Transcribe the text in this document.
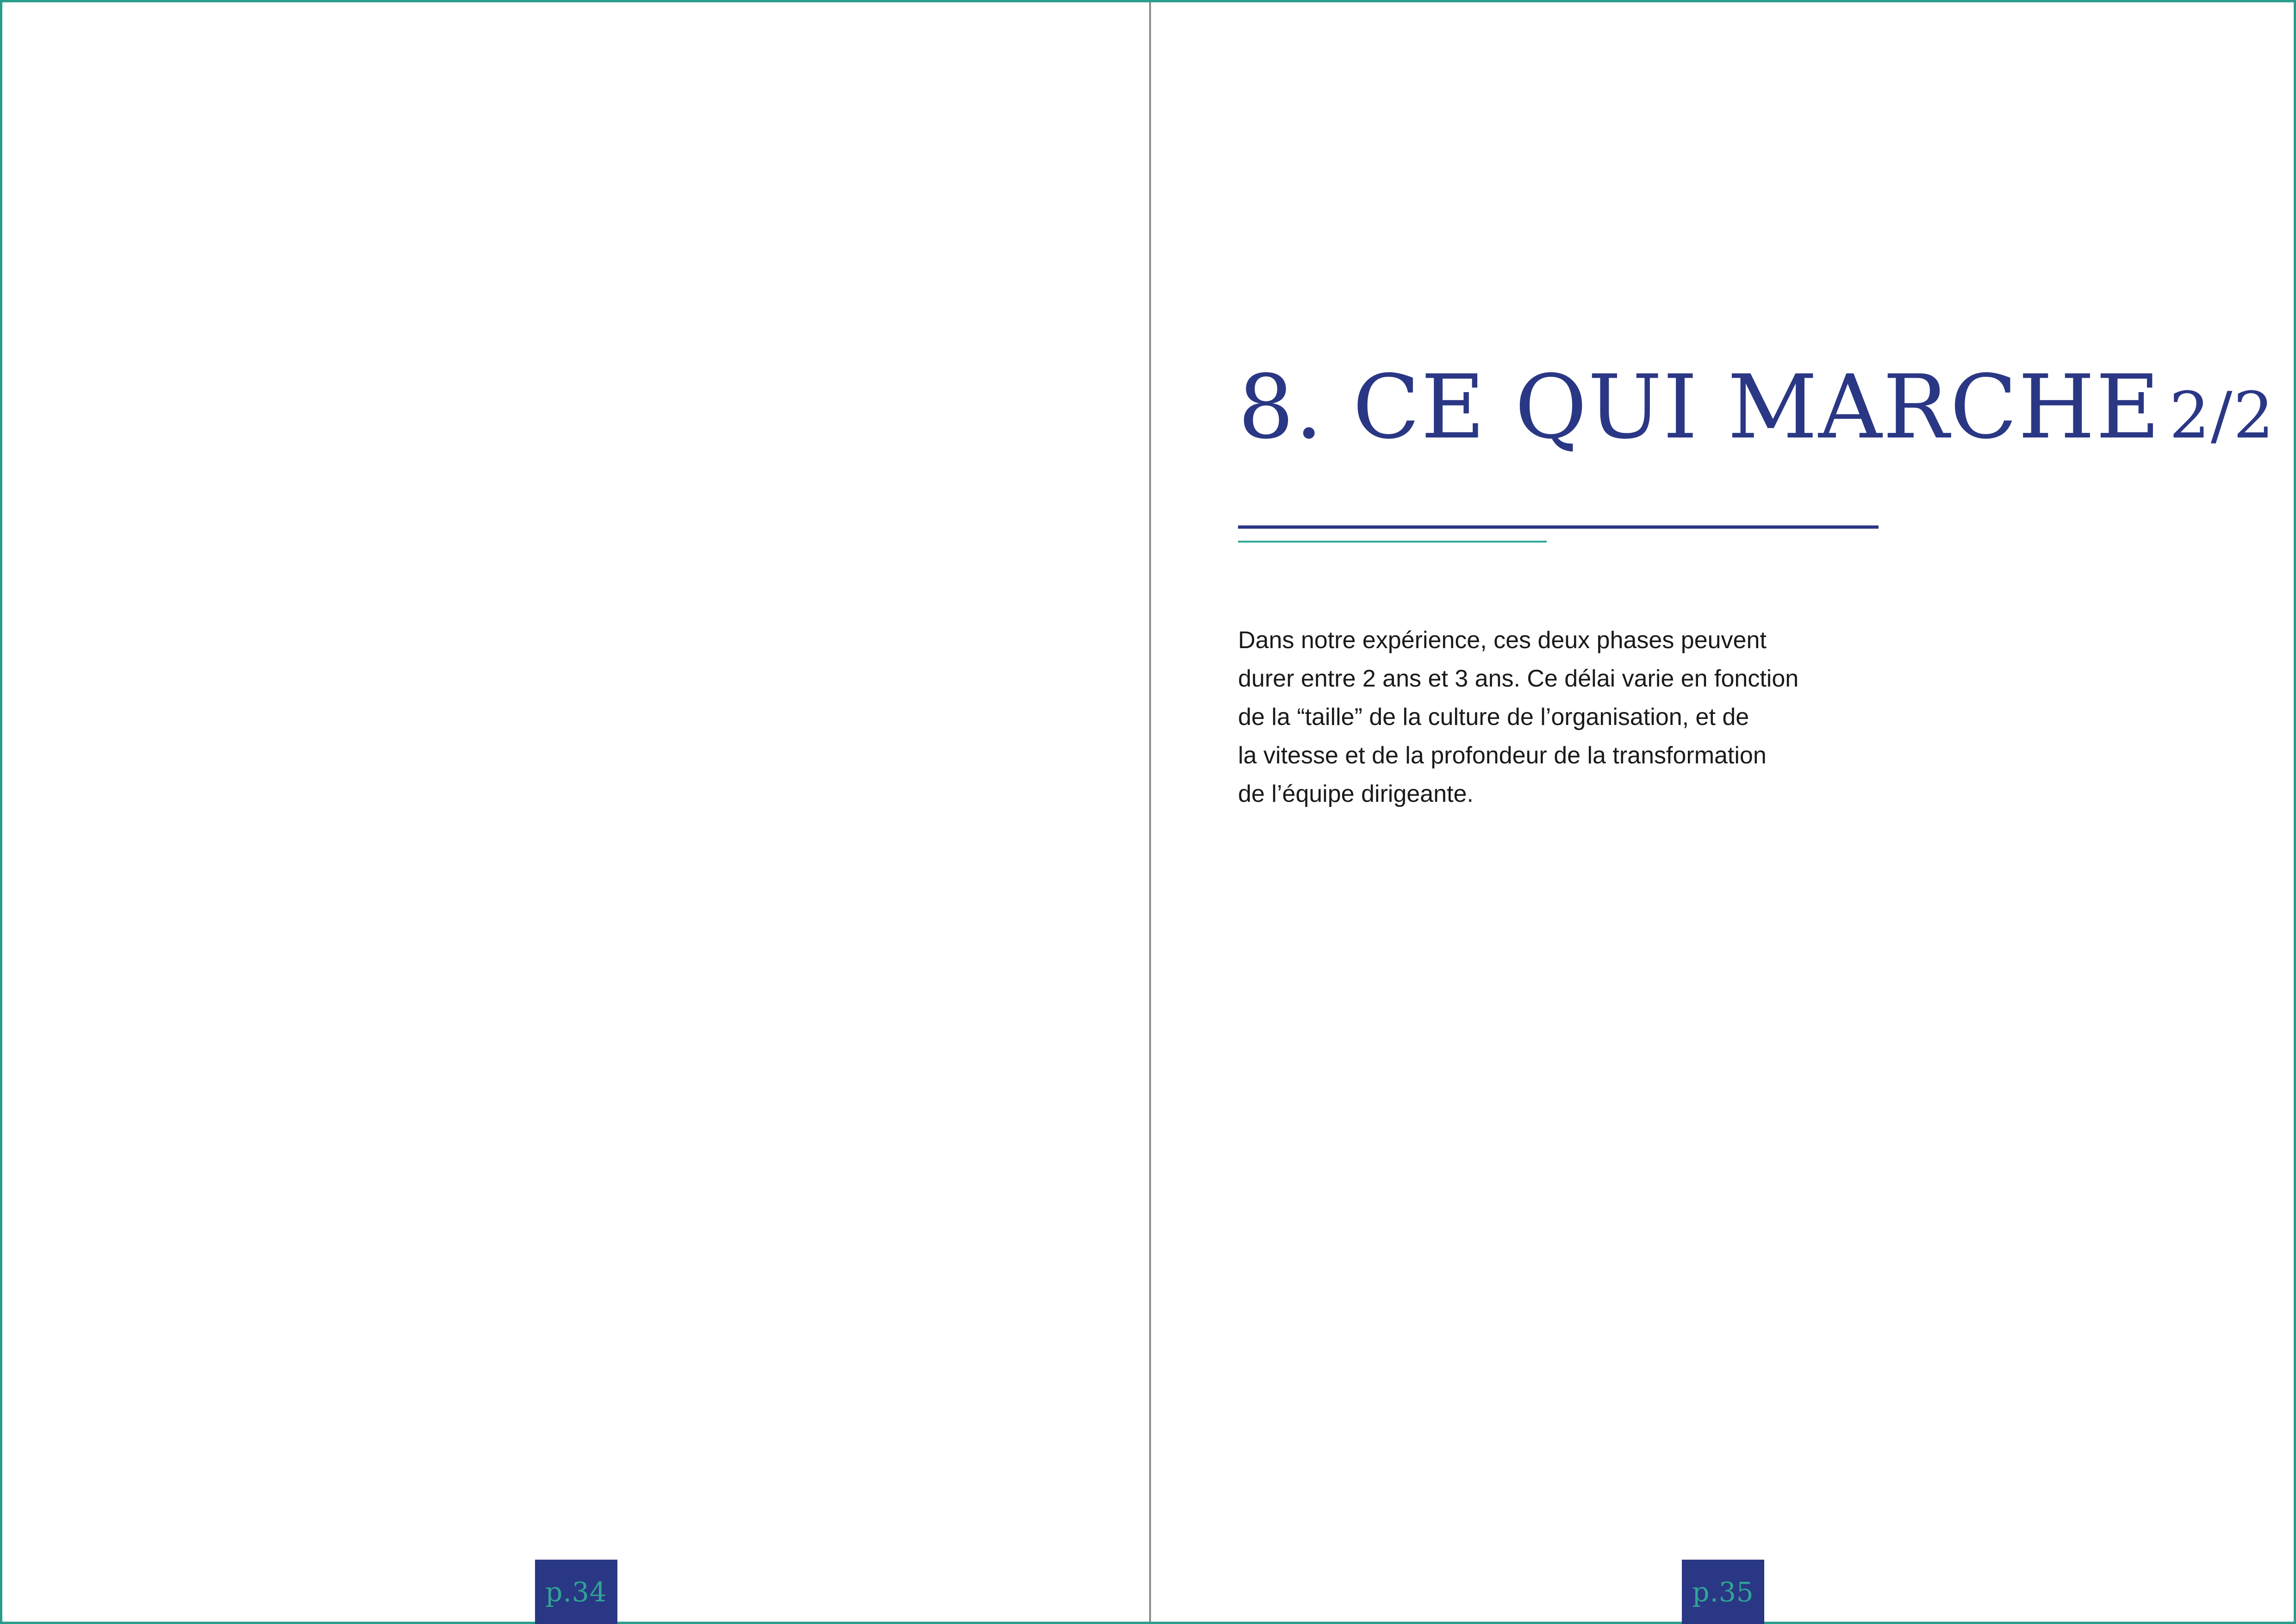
p.34
8. CE QUI MARCHE 2/2

Dans notre expérience, ces deux phases peuvent
durer entre 2 ans et 3 ans. Ce délai varie en fonction
de la “taille” de la culture de l’organisation, et de
la vitesse et de la profondeur de la transformation
de l’équipe dirigeante.

p.35
